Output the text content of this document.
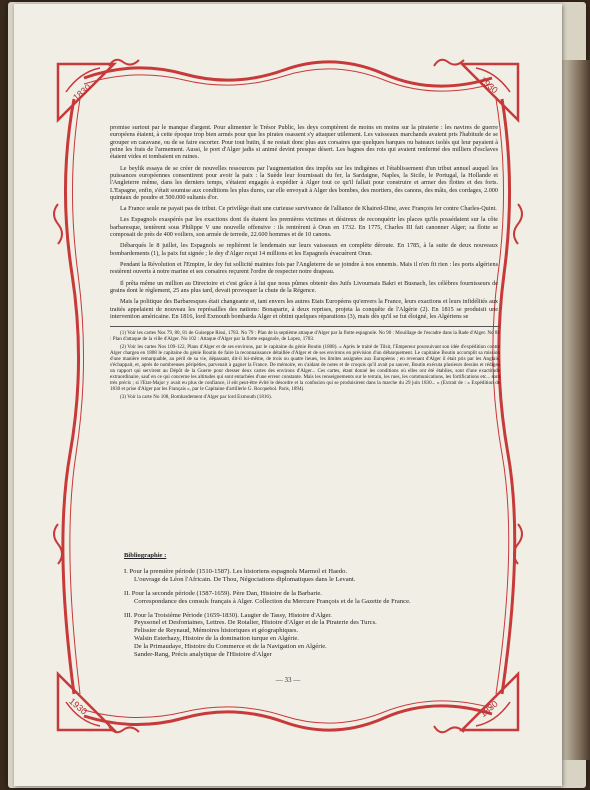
1830	1930
1930	1830

promise surtout par le manque d'argent. Pour alimenter le Trésor Public, les deys comptèrent de moins en moins sur la piraterie : les navires de guerre européens étaient, à cette époque trop bien armés pour que les pirates osassent s'y attaquer utilement. Les vaisseaux marchands avaient pris l'habitude de se grouper en caravane, ou de se faire escorter. Pour tout butin, il ne restait donc plus aux corsaires que quelques barques ou bateaux isolés qui leur payaient à peine les frais de l'armement. Aussi, le port d'Alger jadis si animé devint presque désert. Les bagnes des rois qui avaient renfermé des milliers d'esclaves étaient vides et tombaient en ruines.

Le beylik essaya de se créer de nouvelles ressources par l'augmentation des impôts sur les indigènes et l'établissement d'un tribut annuel auquel les puissances européennes consentirent pour avoir la paix : la Suède leur fournissait du fer, la Sardaigne, Naples, la Sicile, le Portugal, la Hollande et l'Angleterre même, dans les derniers temps, s'étaient engagés à expédier à Alger tout ce qu'il fallait pour construire et armer des flottes et des forts. L'Espagne, enfin, s'était soumise aux conditions les plus dures, car elle envoyait à Alger des bombes, des mortiers, des canons, des mâts, des cordages, 2.000 quintaux de poudre et 500.000 sultanis d'or.

La France seule ne payait pas de tribut. Ce privilège était une curieuse survivance de l'alliance de Khaired-Dine, avec François Ier contre Charles-Quint.

Les Espagnols exaspérés par les exactions dont ils étaient les premières victimes et désireux de reconquérir les places qu'ils possédaient sur la côte barbaresque, tentèrent sous Philippe V une nouvelle offensive : ils rentrèrent à Oran en 1732. En 1775, Charles III fait canonner Alger; sa flotte se composait de près de 400 voiliers, son armée de terrede, 22.600 hommes et de 10 canons.

Débarqués le 8 juillet, les Espagnols se replièrent le lendemain sur leurs vaisseaux en complète déroute. En 1785, à la suite de deux nouveaux bombardements (1), la paix fut signée ; le dey d'Alger reçut 14 millions et les Espagnols évacuèrent Oran.

Pendant la Révolution et l'Empire, le dey fut sollicité maintes fois par l'Angleterre de se joindre à nos ennemis. Mais il n'en fit rien : les ports algériens restèrent ouverts à notre marine et ses corsaires reçurent l'ordre de respecter notre drapeau.

Il prêta même un million au Directoire et c'est grâce à lui que nous pûmes obtenir des Juifs Livournais Bakri et Busnach, les célèbres fournisseurs de grains dont le règlement, 25 ans plus tard, devait provoquer la chute de la Régence.

Mais la politique des Barbaresques était changeante et, tant envers les autres Etats Européens qu'envers la France, leurs exactions et leurs infidélités aux traités appelaient de nouveau les représailles des nations: Bonaparte, à deux reprises, projeta la conquête de l'Algérie (2). En 1815 se produisit une intervention américaine. En 1816, lord Exmouth bombarda Alger et obtint quelques réparations (3), mais dès qu'il se fut éloigné, les Algériens se

(1) Voir les cartes Nos 79, 80, 81 de Guiseppe Rissi, 1783. No 79 : Plan de la septième attaque d'Alger par la flotte espagnole. No 90 : Mouillage de l'escadre dans la Rade d'Alger. No 81 : Plan d'attaque de la ville d'Alger. No 102 : Attaque d'Alger par la flotte espagnole, de Lopez, 1783.

(2) Voir les cartes Nos 109-122, Plans d'Alger et de ses environs, par le capitaine du génie Boutin (1808). « Après le traité de Tilsit, l'Empereur poursuivant son idée d'expédition contre Alger chargea en 1808 le capitaine du génie Boutin de faire la reconnaissance détaillée d'Alger et de ses environs en prévision d'un débarquement. Le capitaine Boutin accomplit sa mission d'une manière remarquable, au péril de sa vie, dépassant, dit-il lui-même, de trois ou quatre lieues, les limites assignées aux Européens ; en revenant d'Alger il était pris par les Anglais, s'échappait, et, après de nombreuses péripéties, parvenait à gagner la France. De mémoire, en s'aidant de notes et de croquis qu'il avait pu sauver, Boutin exécuta plusieurs dessins et rédigea un rapport qui servirent au Dépôt de la Guerre pour dresser deux cartes des environs d'Alger... Ces cartes, étant donné les conditions où elles ont été établies, sont d'une exactitude extraordinaire, sauf en ce qui concerne les altitudes qui sont entachées d'une erreur constante. Mais les renseignements sur le terrain, les rues, les communications, les fortifications etc... sont très précis ; si l'Etat-Major y avait eu plus de confiance, il eût peut-être évité le désordre et la confusion qui se produisirent dans la marche du 29 juin 1830... » (Extrait de : « Expédition de 1830 et prise d'Alger par les Français », par le Capitaine d'artillerie G. Rocquebol. Paris, 1894).

(3) Voir la carte No 108, Bombardement d'Alger par lord Exmouth (1816).

Bibliographie :
I. Pour la première période (1510-1587). Les historiens espagnols Marmol et Haedo.
L'ouvrage de Léon l'Africain. De Thou, Négociations diplomatiques dans le Levant.
II. Pour la seconde période (1587-1659). Père Dan, Histoire de la Barbarie.
Correspondance des consuls français à Alger. Collection du Mercure François et de la Gazette de France.
III. Pour la Troisième Période (1659-1830). Laugier de Tassy, Histoire d'Alger.
Peyssonel et Desfontaines, Lettres. De Rotalier, Histoire d'Alger et de la Piraterie des Turcs.
Pelissier de Reynaud, Mémoires historiques et géographiques.
Walsin Esterhazy, Histoire de la domination turque en Algérie.
De la Primaudaye, Histoire du Commerce et de la Navigation en Algérie.
Sander-Rang, Précis analytique de l'Histoire d'Alger
— 33 —
